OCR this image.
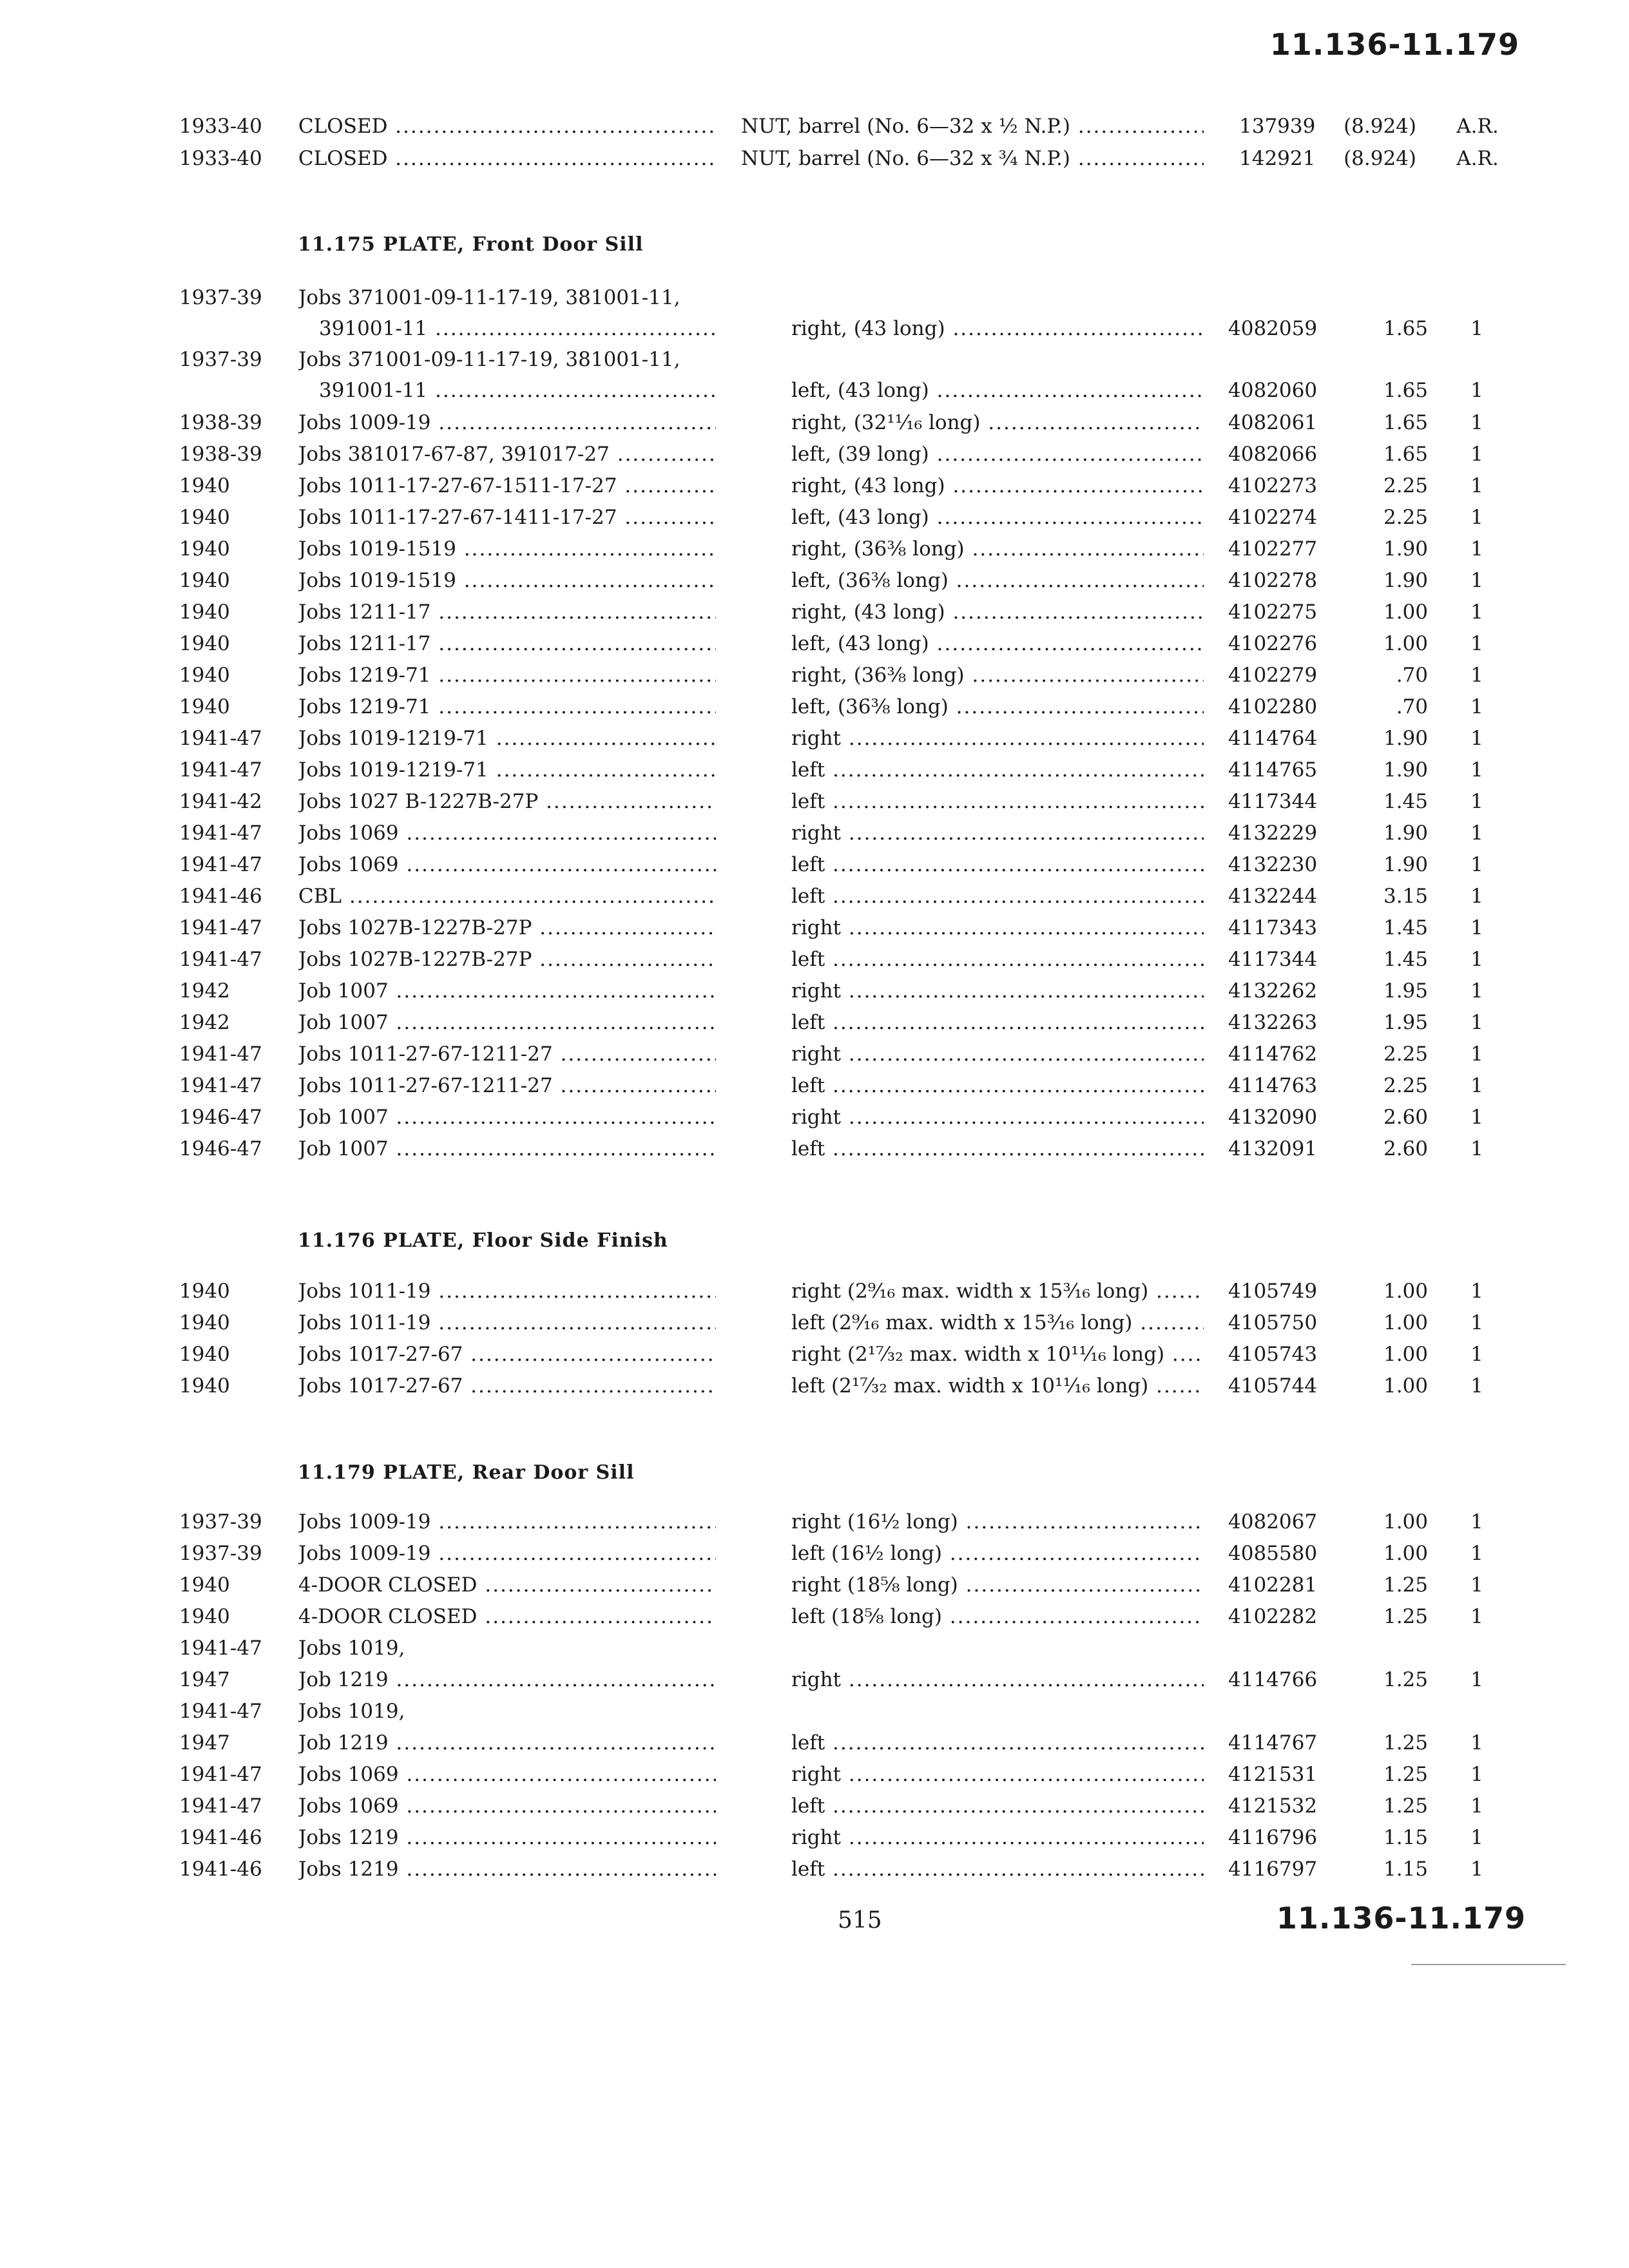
11.136-11.179
1933-40	CLOSED .....	NUT, barrel (No. 6—32 x ½ N.P.) .....	137939	(8.924)	A.R.
1933-40	CLOSED .....	NUT, barrel (No. 6—32 x ¾ N.P.) .....	142921	(8.924)	A.R.
11.175 PLATE, Front Door Sill
1937-39	Jobs 371001-09-11-17-19, 381001-11,
391001-11 .....	right, (43 long) .....	4082059	1.65	1
1937-39	Jobs 371001-09-11-17-19, 381001-11,
391001-11 .....	left, (43 long) .....	4082060	1.65	1
1938-39	Jobs 1009-19 .....	right, (32¹¹⁄₁₆ long) .....	4082061	1.65	1
1938-39	Jobs 381017-67-87, 391017-27 .....	left, (39 long) .....	4082066	1.65	1
1940	Jobs 1011-17-27-67-1511-17-27 .....	right, (43 long) .....	4102273	2.25	1
1940	Jobs 1011-17-27-67-1411-17-27 .....	left, (43 long) .....	4102274	2.25	1
1940	Jobs 1019-1519 .....	right, (36⅜ long) .....	4102277	1.90	1
1940	Jobs 1019-1519 .....	left, (36⅜ long) .....	4102278	1.90	1
1940	Jobs 1211-17 .....	right, (43 long) .....	4102275	1.00	1
1940	Jobs 1211-17 .....	left, (43 long) .....	4102276	1.00	1
1940	Jobs 1219-71 .....	right, (36⅜ long) .....	4102279	.70	1
1940	Jobs 1219-71 .....	left, (36⅜ long) .....	4102280	.70	1
1941-47	Jobs 1019-1219-71 .....	right .....	4114764	1.90	1
1941-47	Jobs 1019-1219-71 .....	left .....	4114765	1.90	1
1941-42	Jobs 1027 B-1227B-27P .....	left .....	4117344	1.45	1
1941-47	Jobs 1069 .....	right .....	4132229	1.90	1
1941-47	Jobs 1069 .....	left .....	4132230	1.90	1
1941-46	CBL .....	left .....	4132244	3.15	1
1941-47	Jobs 1027B-1227B-27P .....	right .....	4117343	1.45	1
1941-47	Jobs 1027B-1227B-27P .....	left .....	4117344	1.45	1
1942	Job 1007 .....	right .....	4132262	1.95	1
1942	Job 1007 .....	left .....	4132263	1.95	1
1941-47	Jobs 1011-27-67-1211-27 .....	right .....	4114762	2.25	1
1941-47	Jobs 1011-27-67-1211-27 .....	left .....	4114763	2.25	1
1946-47	Job 1007 .....	right .....	4132090	2.60	1
1946-47	Job 1007 .....	left .....	4132091	2.60	1
11.176 PLATE, Floor Side Finish
1940	Jobs 1011-19 .....	right (2⁹⁄₁₆ max. width x 15³⁄₁₆ long) .....	4105749	1.00	1
1940	Jobs 1011-19 .....	left (2⁹⁄₁₆ max. width x 15³⁄₁₆ long) .....	4105750	1.00	1
1940	Jobs 1017-27-67 .....	right (2¹⁷⁄₃₂ max. width x 10¹¹⁄₁₆ long) .....	4105743	1.00	1
1940	Jobs 1017-27-67 .....	left (2¹⁷⁄₃₂ max. width x 10¹¹⁄₁₆ long) .....	4105744	1.00	1
11.179 PLATE, Rear Door Sill
1937-39	Jobs 1009-19 .....	right (16½ long) .....	4082067	1.00	1
1937-39	Jobs 1009-19 .....	left (16½ long) .....	4085580	1.00	1
1940	4-DOOR CLOSED .....	right (18⅝ long) .....	4102281	1.25	1
1940	4-DOOR CLOSED .....	left (18⅝ long) .....	4102282	1.25	1
1941-47	Jobs 1019,
1947	Job 1219 .....	right .....	4114766	1.25	1
1941-47	Jobs 1019,
1947	Job 1219 .....	left .....	4114767	1.25	1
1941-47	Jobs 1069 .....	right .....	4121531	1.25	1
1941-47	Jobs 1069 .....	left .....	4121532	1.25	1
1941-46	Jobs 1219 .....	right .....	4116796	1.15	1
1941-46	Jobs 1219 .....	left .....	4116797	1.15	1
515	11.136-11.179
